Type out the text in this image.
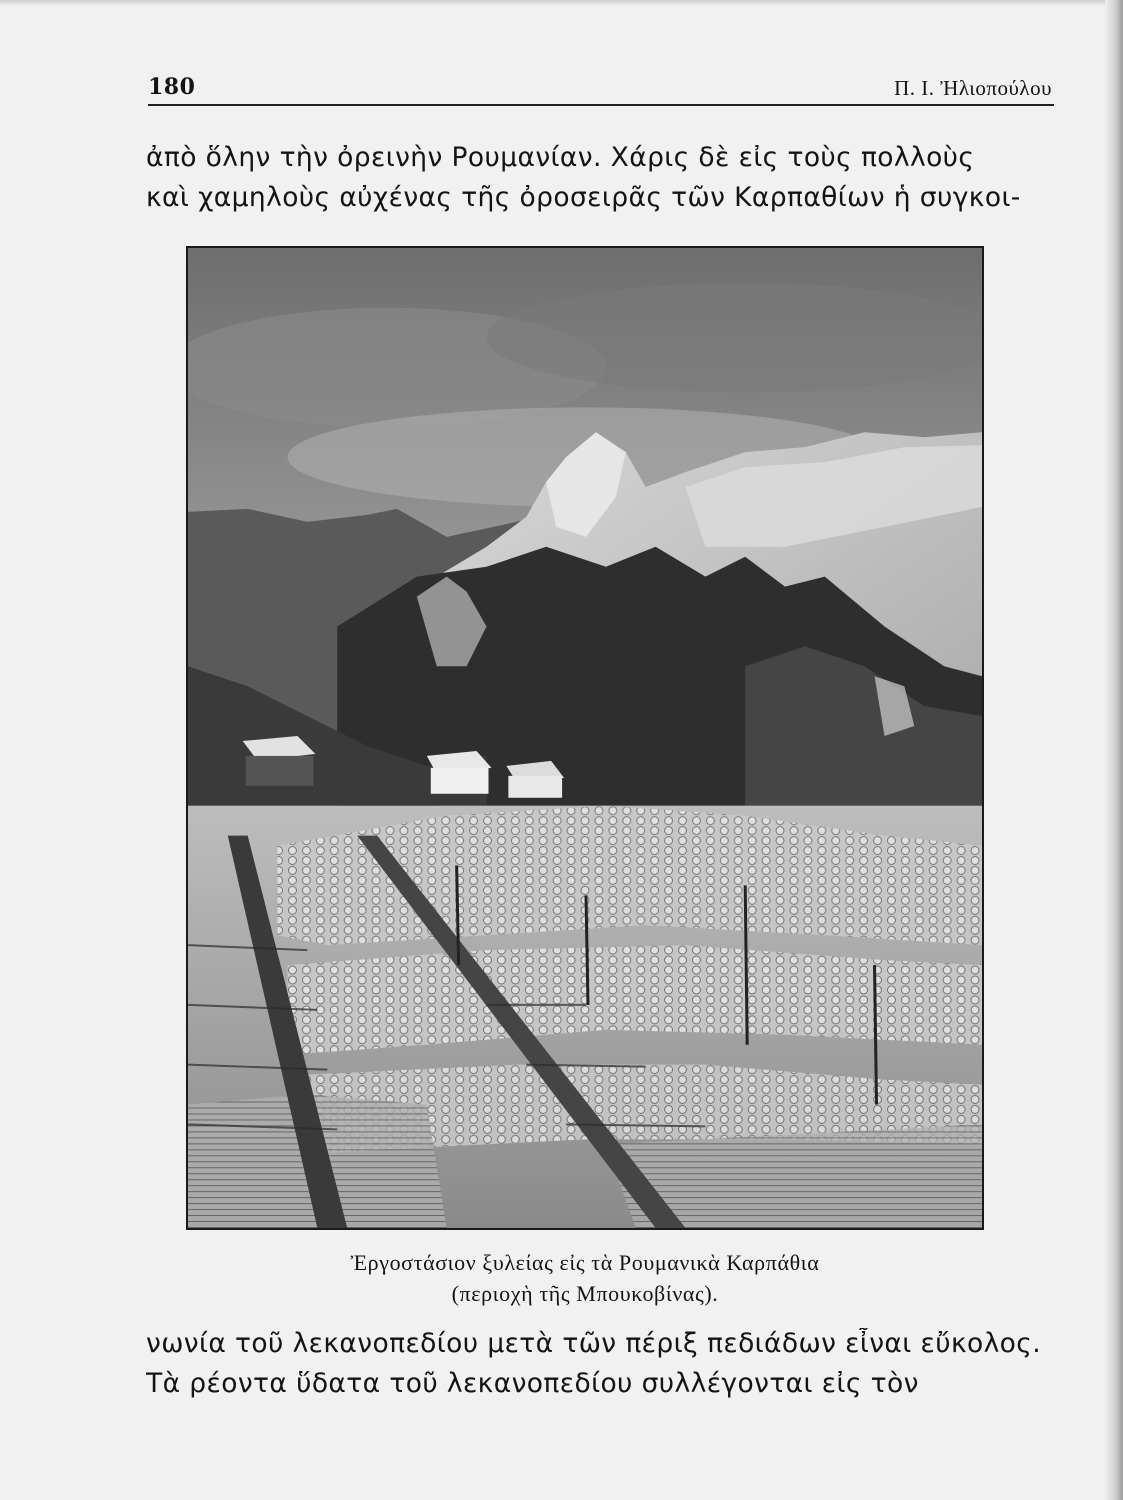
180	Π. Ι. Ἠλιοπούλου
ἀπὸ ὅλην τὴν ὀρεινὴν Ρουμανίαν. Χάρις δὲ εἰς τοὺς πολλοὺς
καὶ χαμηλοὺς αὐχένας τῆς ὀροσειρᾶς τῶν Καρπαθίων ἡ συγκοι-
Ἐργοστάσιον ξυλείας εἰς τὰ Ρουμανικὰ Καρπάθια
(περιοχὴ τῆς Μπουκοβίνας).
νωνία τοῦ λεκανοπεδίου μετὰ τῶν πέριξ πεδιάδων εἶναι εὔκολος.
Τὰ ρέοντα ὕδατα τοῦ λεκανοπεδίου συλλέγονται εἰς τὸν
